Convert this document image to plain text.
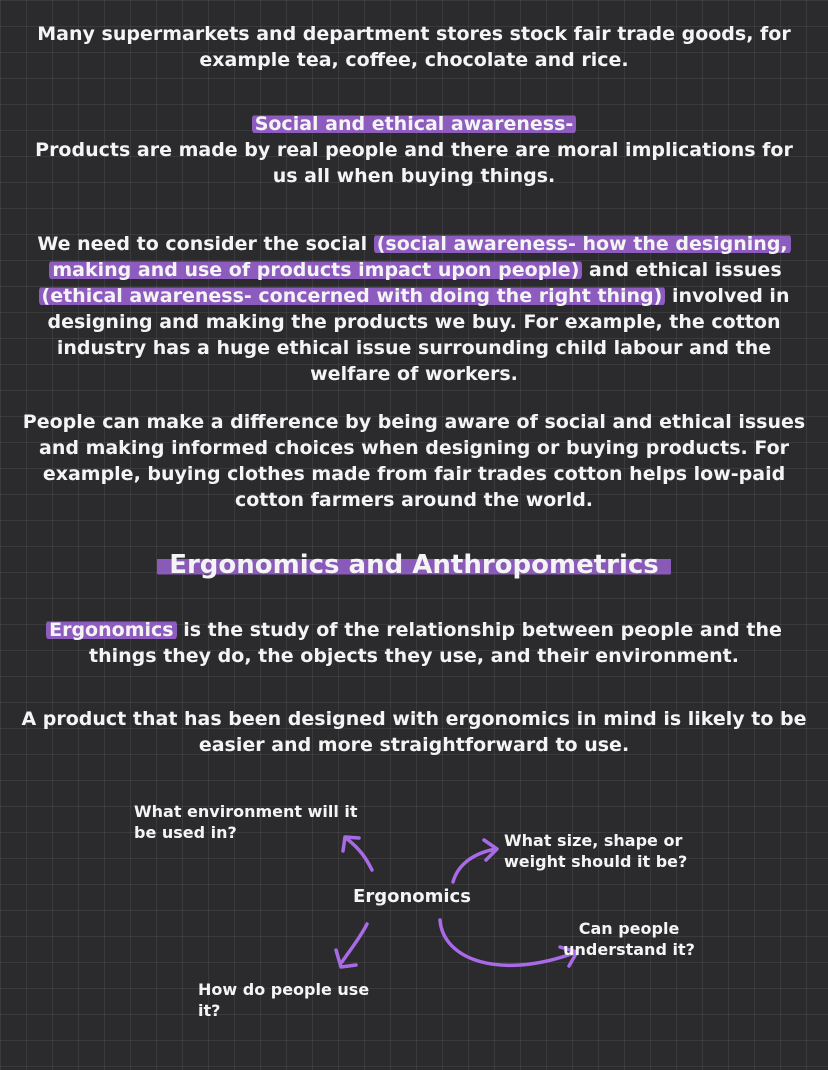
Many supermarkets and department stores stock fair trade goods, for example tea, coffee, chocolate and rice.

Social and ethical awareness-

Products are made by real people and there are moral implications for us all when buying things.

We need to consider the social (social awareness- how the designing, making and use of products impact upon people) and ethical issues (ethical awareness- concerned with doing the right thing) involved in designing and making the products we buy. For example, the cotton industry has a huge ethical issue surrounding child labour and the welfare of workers.

People can make a difference by being aware of social and ethical issues and making informed choices when designing or buying products. For example, buying clothes made from fair trades cotton helps low-paid cotton farmers around the world.

Ergonomics and Anthropometrics

Ergonomics is the study of the relationship between people and the things they do, the objects they use, and their environment.

A product that has been designed with ergonomics in mind is likely to be easier and more straightforward to use.

Ergonomics
What environment will it be used in?	What size, shape or weight should it be?
Can people understand it?
How do people use it?
